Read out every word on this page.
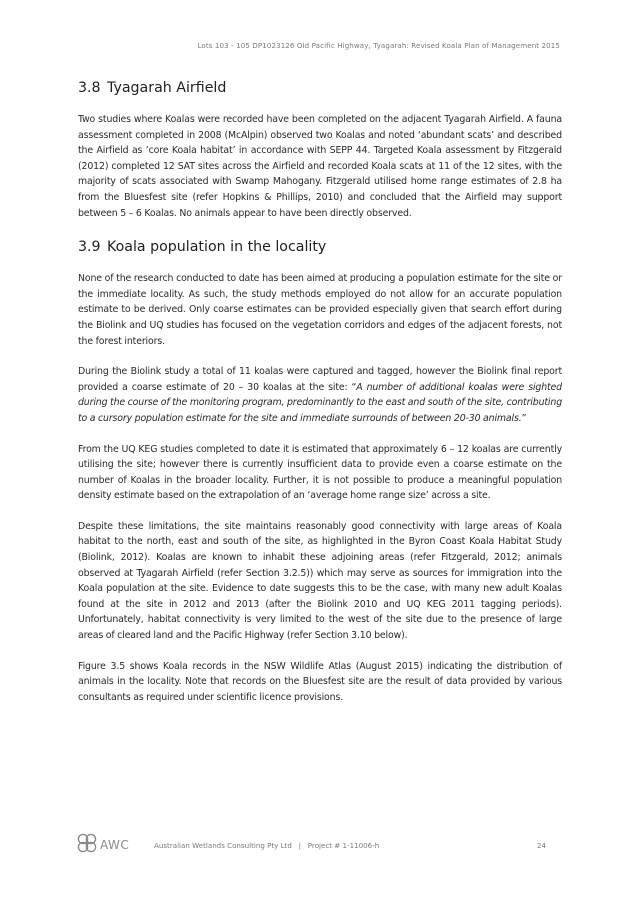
Lots 103 - 105 DP1023126 Old Pacific Highway, Tyagarah: Revised Koala Plan of Management 2015
3.8 Tyagarah Airfield

Two studies where Koalas were recorded have been completed on the adjacent Tyagarah Airfield. A fauna assessment completed in 2008 (McAlpin) observed two Koalas and noted ‘abundant scats’ and described the Airfield as ‘core Koala habitat’ in accordance with SEPP 44. Targeted Koala assessment by Fitzgerald (2012) completed 12 SAT sites across the Airfield and recorded Koala scats at 11 of the 12 sites, with the majority of scats associated with Swamp Mahogany. Fitzgerald utilised home range estimates of 2.8 ha from the Bluesfest site (refer Hopkins & Phillips, 2010) and concluded that the Airfield may support between 5 – 6 Koalas. No animals appear to have been directly observed.

3.9 Koala population in the locality

None of the research conducted to date has been aimed at producing a population estimate for the site or the immediate locality. As such, the study methods employed do not allow for an accurate population estimate to be derived. Only coarse estimates can be provided especially given that search effort during the Biolink and UQ studies has focused on the vegetation corridors and edges of the adjacent forests, not the forest interiors.

During the Biolink study a total of 11 koalas were captured and tagged, however the Biolink final report provided a coarse estimate of 20 – 30 koalas at the site: “A number of additional koalas were sighted during the course of the monitoring program, predominantly to the east and south of the site, contributing to a cursory population estimate for the site and immediate surrounds of between 20-30 animals.”

From the UQ KEG studies completed to date it is estimated that approximately 6 – 12 koalas are currently utilising the site; however there is currently insufficient data to provide even a coarse estimate on the number of Koalas in the broader locality. Further, it is not possible to produce a meaningful population density estimate based on the extrapolation of an ‘average home range size’ across a site.

Despite these limitations, the site maintains reasonably good connectivity with large areas of Koala habitat to the north, east and south of the site, as highlighted in the Byron Coast Koala Habitat Study (Biolink, 2012). Koalas are known to inhabit these adjoining areas (refer Fitzgerald, 2012; animals observed at Tyagarah Airfield (refer Section 3.2.5)) which may serve as sources for immigration into the Koala population at the site. Evidence to date suggests this to be the case, with many new adult Koalas found at the site in 2012 and 2013 (after the Biolink 2010 and UQ KEG 2011 tagging periods). Unfortunately, habitat connectivity is very limited to the west of the site due to the presence of large areas of cleared land and the Pacific Highway (refer Section 3.10 below).

Figure 3.5 shows Koala records in the NSW Wildlife Atlas (August 2015) indicating the distribution of animals in the locality. Note that records on the Bluesfest site are the result of data provided by various consultants as required under scientific licence provisions.

AWC	Australian Wetlands Consulting Pty Ltd | Project # 1-11006-h	24
